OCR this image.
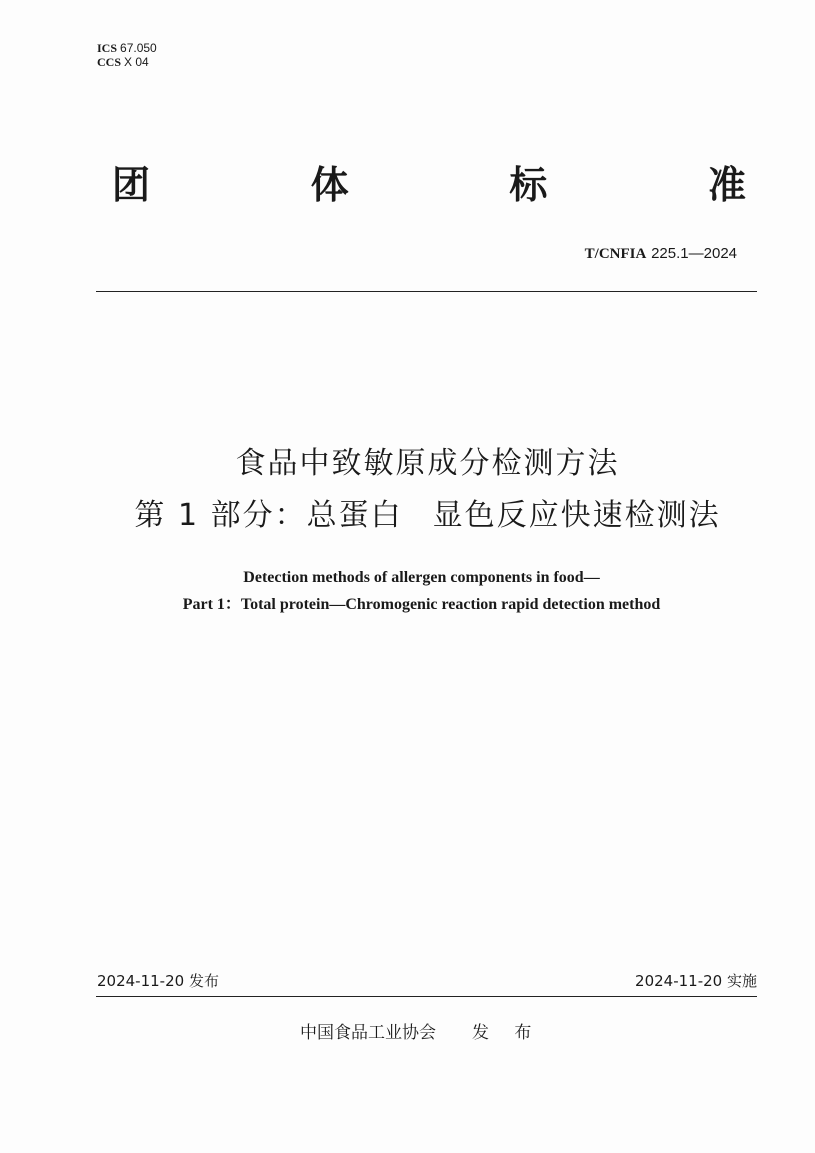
ICS 67.050
CCS X 04
团	体	标	准
T/CNFIA 225.1—2024
食品中致敏原成分检测方法
第 1 部分：总蛋白 显色反应快速检测法
Detection methods of allergen components in food—
Part 1：Total protein—Chromogenic reaction rapid detection method
2024-11-20 发布	2024-11-20 实施
中国食品工业协会 发 布
